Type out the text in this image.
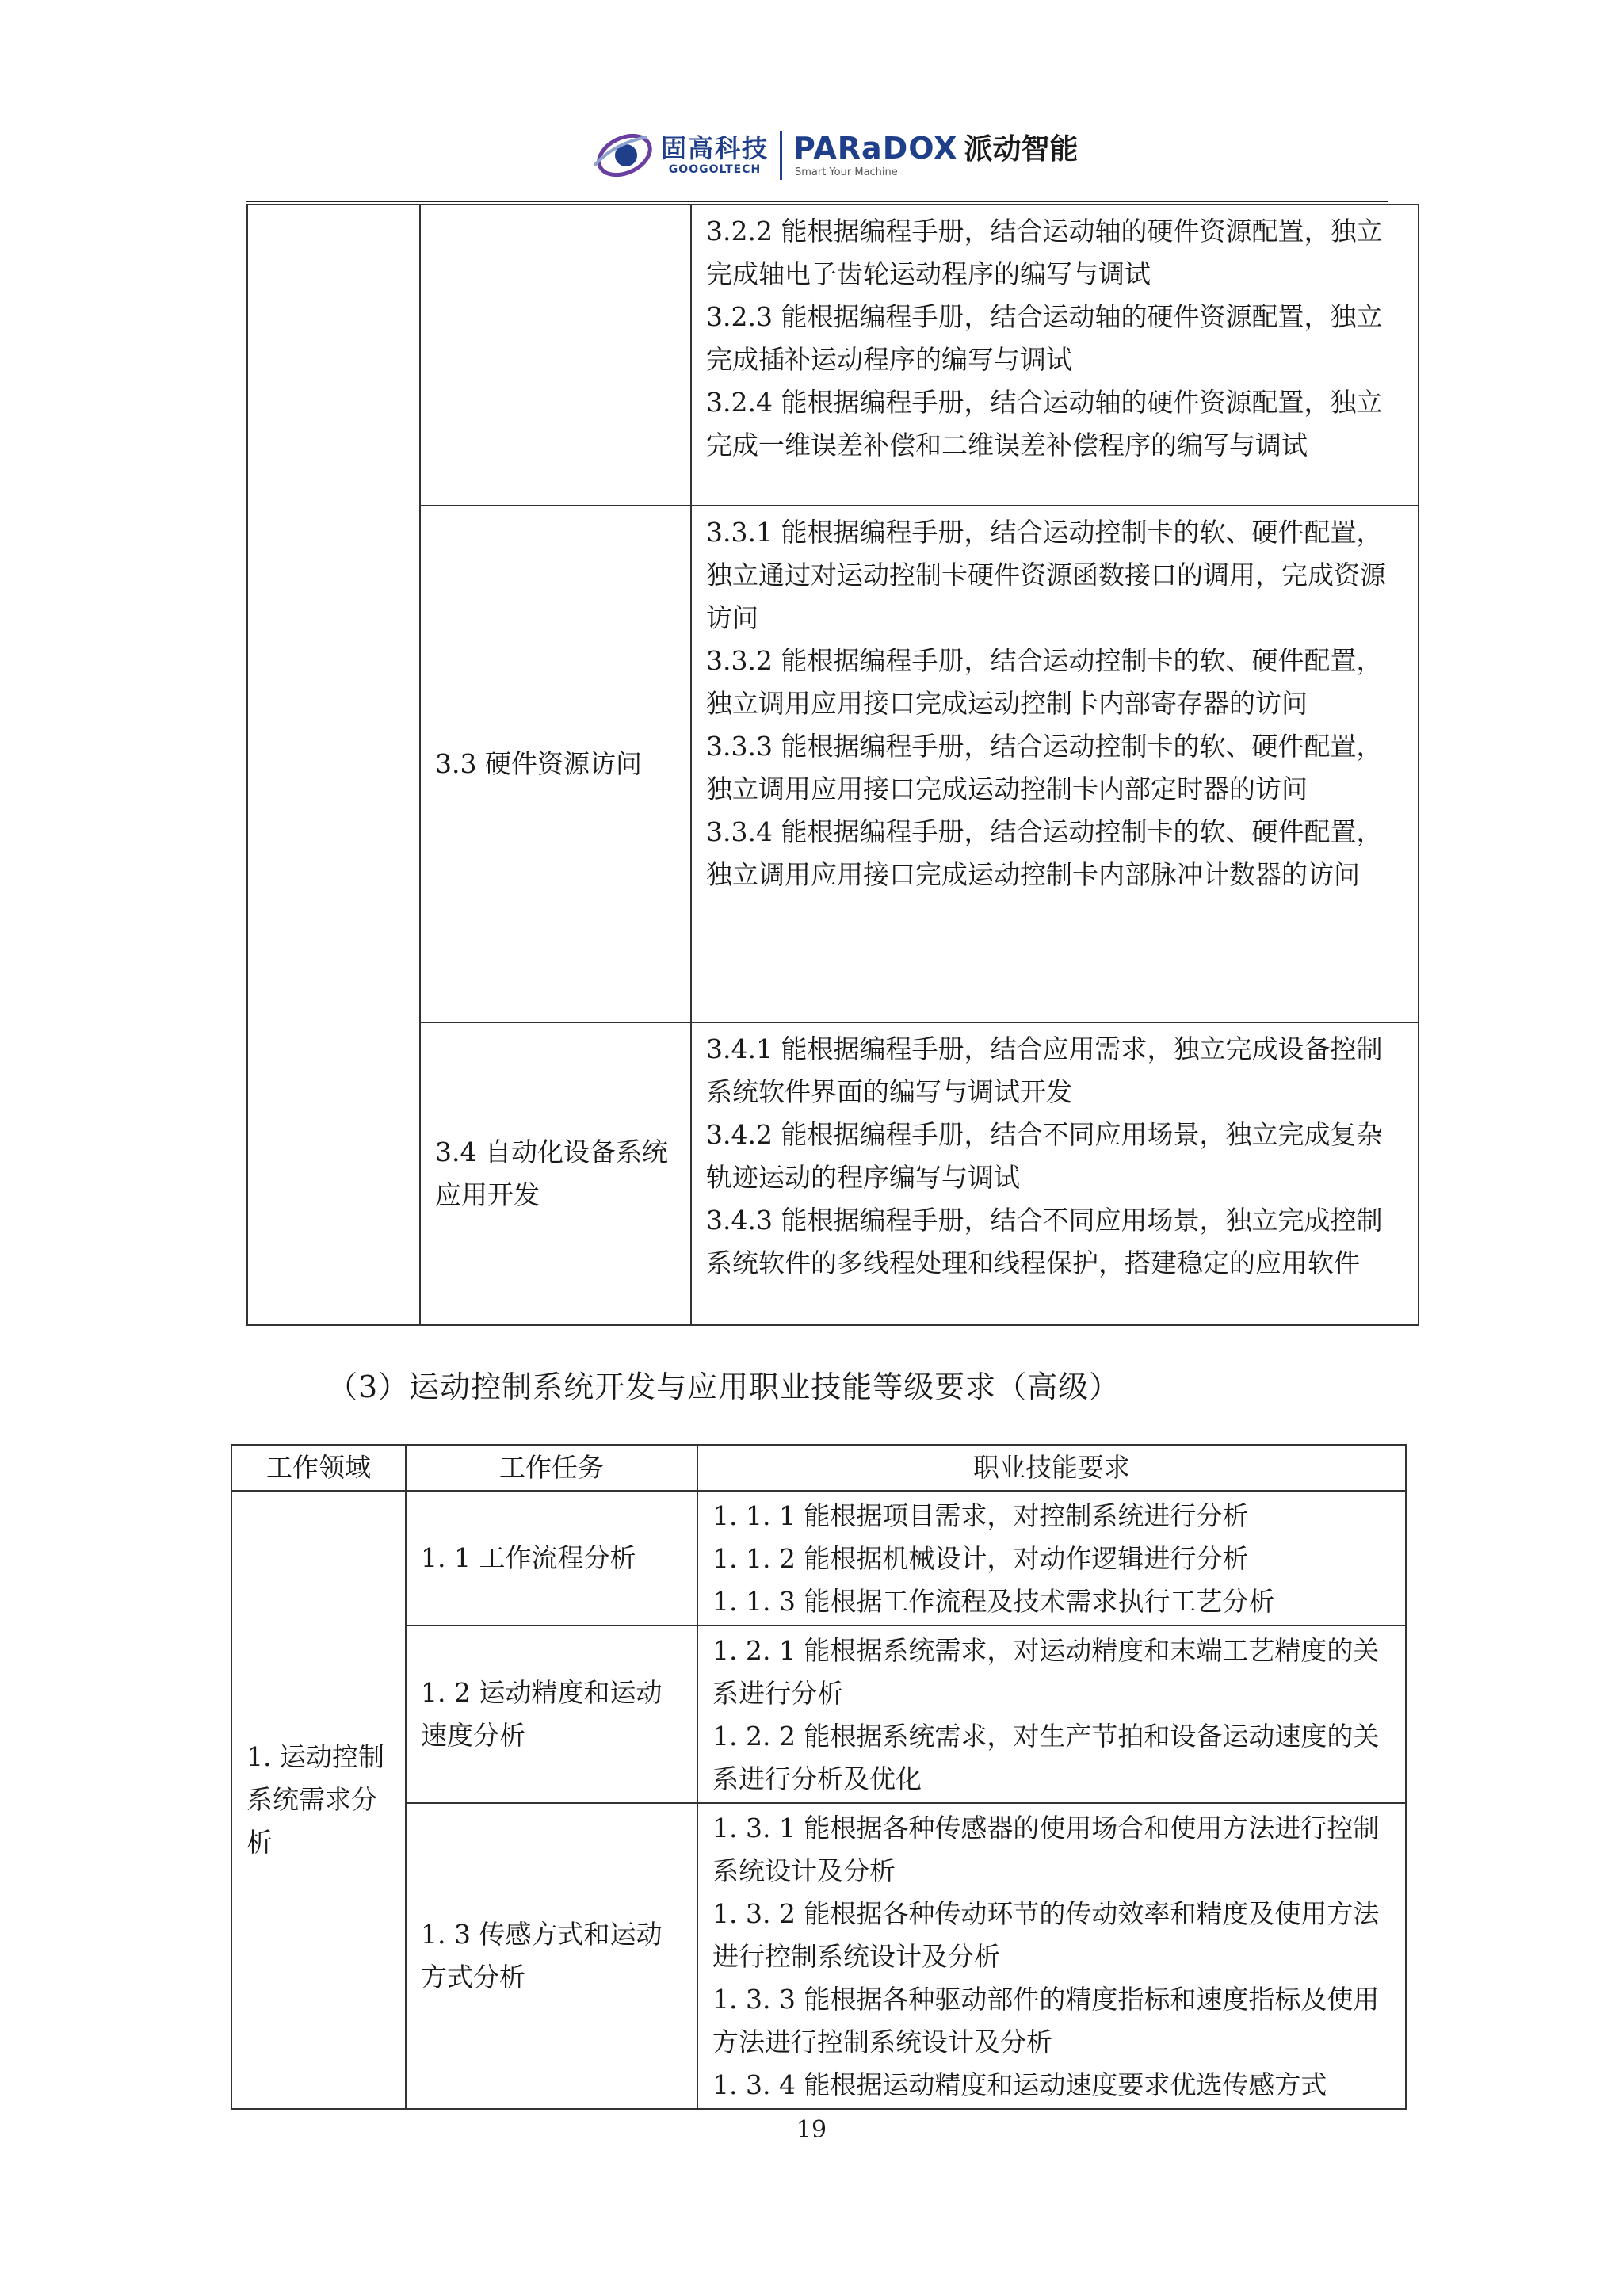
固高科技
GOOGOLTECH
PARaDOX 派动智能
Smart Your Machine

		3.2.2 能根据编程手册，结合运动轴的硬件资源配置，独立完成轴电子齿轮运动程序的编写与调试
3.2.3 能根据编程手册，结合运动轴的硬件资源配置，独立完成插补运动程序的编写与调试
3.2.4 能根据编程手册，结合运动轴的硬件资源配置，独立完成一维误差补偿和二维误差补偿程序的编写与调试

	3.3 硬件资源访问	3.3.1 能根据编程手册，结合运动控制卡的软、硬件配置，独立通过对运动控制卡硬件资源函数接口的调用，完成资源访问
3.3.2 能根据编程手册，结合运动控制卡的软、硬件配置，独立调用应用接口完成运动控制卡内部寄存器的访问
3.3.3 能根据编程手册，结合运动控制卡的软、硬件配置，独立调用应用接口完成运动控制卡内部定时器的访问
3.3.4 能根据编程手册，结合运动控制卡的软、硬件配置，独立调用应用接口完成运动控制卡内部脉冲计数器的访问

	3.4 自动化设备系统应用开发	3.4.1 能根据编程手册，结合应用需求，独立完成设备控制系统软件界面的编写与调试开发
3.4.2 能根据编程手册，结合不同应用场景，独立完成复杂轨迹运动的程序编写与调试
3.4.3 能根据编程手册，结合不同应用场景，独立完成控制系统软件的多线程处理和线程保护，搭建稳定的应用软件
（3）运动控制系统开发与应用职业技能等级要求（高级）
工作领域	工作任务	职业技能要求
1. 运动控制系统需求分析	1. 1 工作流程分析	1. 1. 1 能根据项目需求，对控制系统进行分析
1. 1. 2 能根据机械设计，对动作逻辑进行分析
1. 1. 3 能根据工作流程及技术需求执行工艺分析

	1. 2 运动精度和运动速度分析	1. 2. 1 能根据系统需求，对运动精度和末端工艺精度的关系进行分析
1. 2. 2 能根据系统需求，对生产节拍和设备运动速度的关系进行分析及优化

	1. 3 传感方式和运动方式分析	1. 3. 1 能根据各种传感器的使用场合和使用方法进行控制系统设计及分析
1. 3. 2 能根据各种传动环节的传动效率和精度及使用方法进行控制系统设计及分析
1. 3. 3 能根据各种驱动部件的精度指标和速度指标及使用方法进行控制系统设计及分析
1. 3. 4 能根据运动精度和运动速度要求优选传感方式
19
